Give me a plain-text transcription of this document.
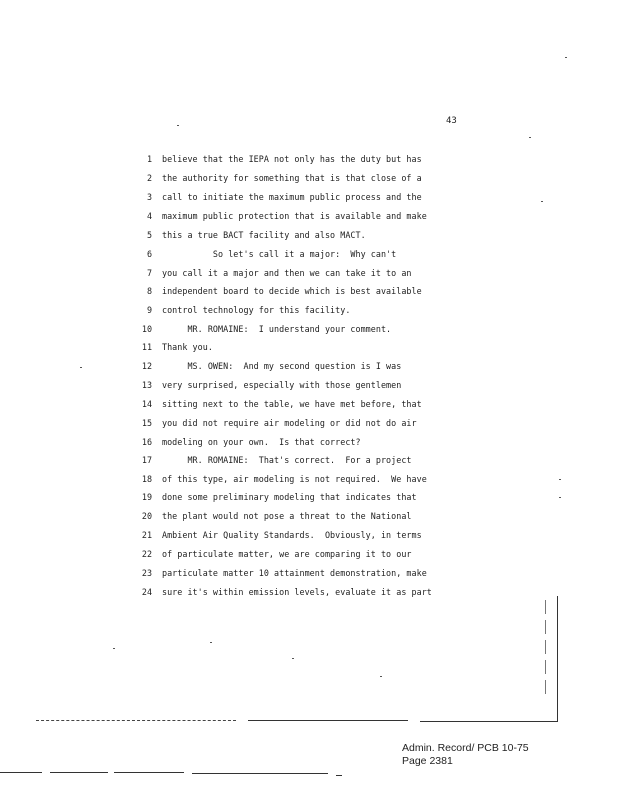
43
1 believe that the IEPA not only has the duty but has
2 the authority for something that is that close of a
3 call to initiate the maximum public process and the
4 maximum public protection that is available and make
5 this a true BACT facility and also MACT.
6 So let's call it a major:  Why can't
7 you call it a major and then we can take it to an
8 independent board to decide which is best available
9 control technology for this facility.
10 MR. ROMAINE:  I understand your comment.
11 Thank you.
12 MS. OWEN:  And my second question is I was
13 very surprised, especially with those gentlemen
14 sitting next to the table, we have met before, that
15 you did not require air modeling or did not do air
16 modeling on your own.  Is that correct?
17 MR. ROMAINE:  That's correct.  For a project
18 of this type, air modeling is not required.  We have
19 done some preliminary modeling that indicates that
20 the plant would not pose a threat to the National
21 Ambient Air Quality Standards.  Obviously, in terms
22 of particulate matter, we are comparing it to our
23 particulate matter 10 attainment demonstration, make
24 sure it's within emission levels, evaluate it as part
Admin. Record/ PCB 10-75
Page 2381
